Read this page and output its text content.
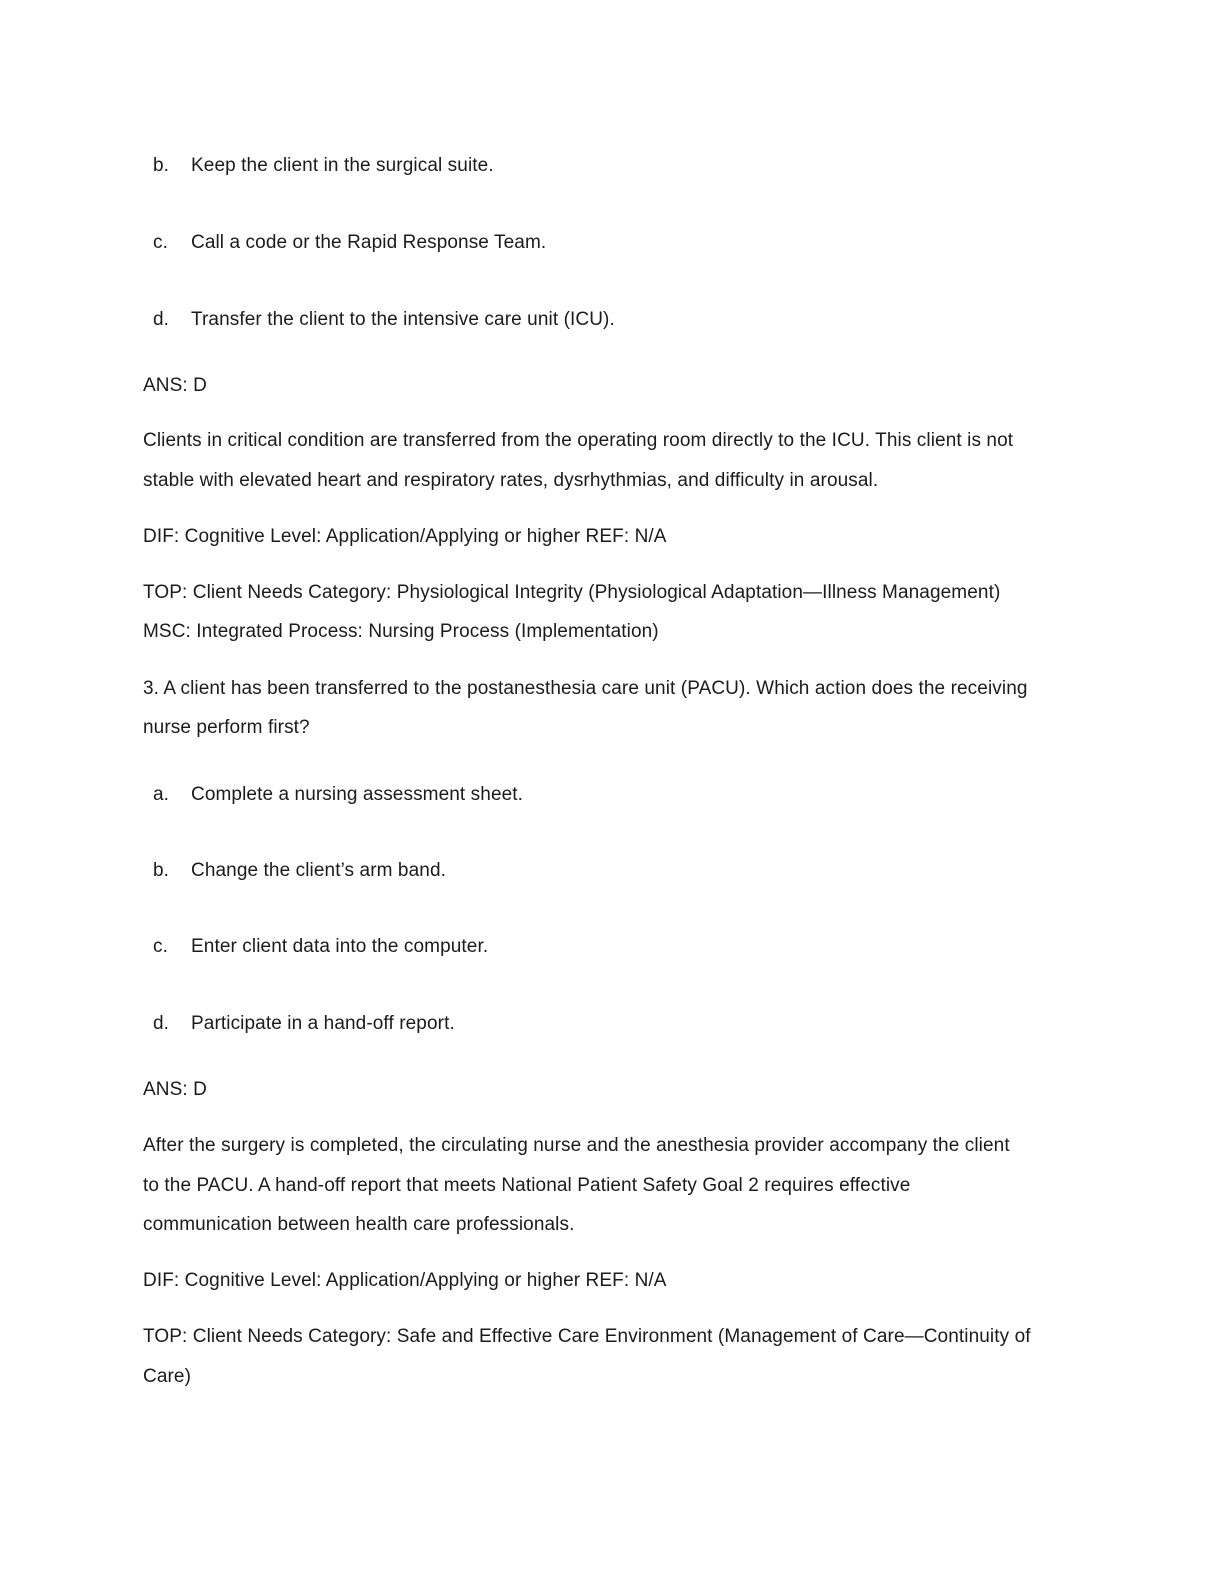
b. Keep the client in the surgical suite.
c. Call a code or the Rapid Response Team.
d. Transfer the client to the intensive care unit (ICU).
ANS: D
Clients in critical condition are transferred from the operating room directly to the ICU. This client is not
stable with elevated heart and respiratory rates, dysrhythmias, and difficulty in arousal.
DIF: Cognitive Level: Application/Applying or higher REF: N/A
TOP: Client Needs Category: Physiological Integrity (Physiological Adaptation—Illness Management)
MSC: Integrated Process: Nursing Process (Implementation)
3. A client has been transferred to the postanesthesia care unit (PACU). Which action does the receiving
nurse perform first?
a. Complete a nursing assessment sheet.
b. Change the client’s arm band.
c. Enter client data into the computer.
d. Participate in a hand-off report.
ANS: D
After the surgery is completed, the circulating nurse and the anesthesia provider accompany the client
to the PACU. A hand-off report that meets National Patient Safety Goal 2 requires effective
communication between health care professionals.
DIF: Cognitive Level: Application/Applying or higher REF: N/A
TOP: Client Needs Category: Safe and Effective Care Environment (Management of Care—Continuity of
Care)
